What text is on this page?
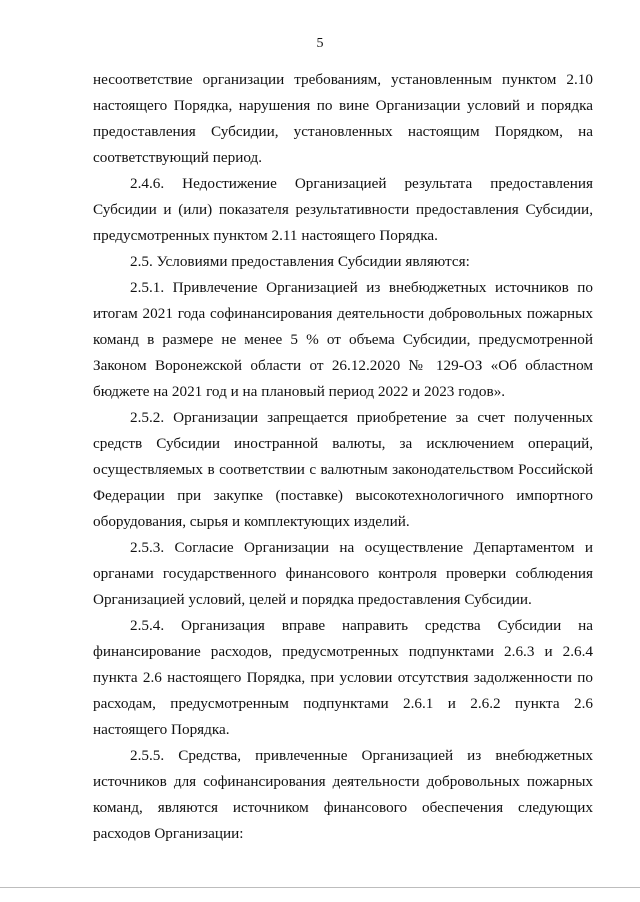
5

несоответствие организации требованиям, установленным пунктом 2.10 настоящего Порядка, нарушения по вине Организации условий и порядка предоставления Субсидии, установленных настоящим Порядком, на соответствующий период.

2.4.6. Недостижение Организацией результата предоставления Субсидии и (или) показателя результативности предоставления Субсидии, предусмотренных пунктом 2.11 настоящего Порядка.

2.5. Условиями предоставления Субсидии являются:

2.5.1. Привлечение Организацией из внебюджетных источников по итогам 2021 года софинансирования деятельности добровольных пожарных команд в размере не менее 5 % от объема Субсидии, предусмотренной Законом Воронежской области от 26.12.2020 № 129-ОЗ «Об областном бюджете на 2021 год и на плановый период 2022 и 2023 годов».

2.5.2. Организации запрещается приобретение за счет полученных средств Субсидии иностранной валюты, за исключением операций, осуществляемых в соответствии с валютным законодательством Российской Федерации при закупке (поставке) высокотехнологичного импортного оборудования, сырья и комплектующих изделий.

2.5.3. Согласие Организации на осуществление Департаментом и органами государственного финансового контроля проверки соблюдения Организацией условий, целей и порядка предоставления Субсидии.

2.5.4. Организация вправе направить средства Субсидии на финансирование расходов, предусмотренных подпунктами 2.6.3 и 2.6.4 пункта 2.6 настоящего Порядка, при условии отсутствия задолженности по расходам, предусмотренным подпунктами 2.6.1 и 2.6.2 пункта 2.6 настоящего Порядка.

2.5.5. Средства, привлеченные Организацией из внебюджетных источников для софинансирования деятельности добровольных пожарных команд, являются источником финансового обеспечения следующих расходов Организации:
